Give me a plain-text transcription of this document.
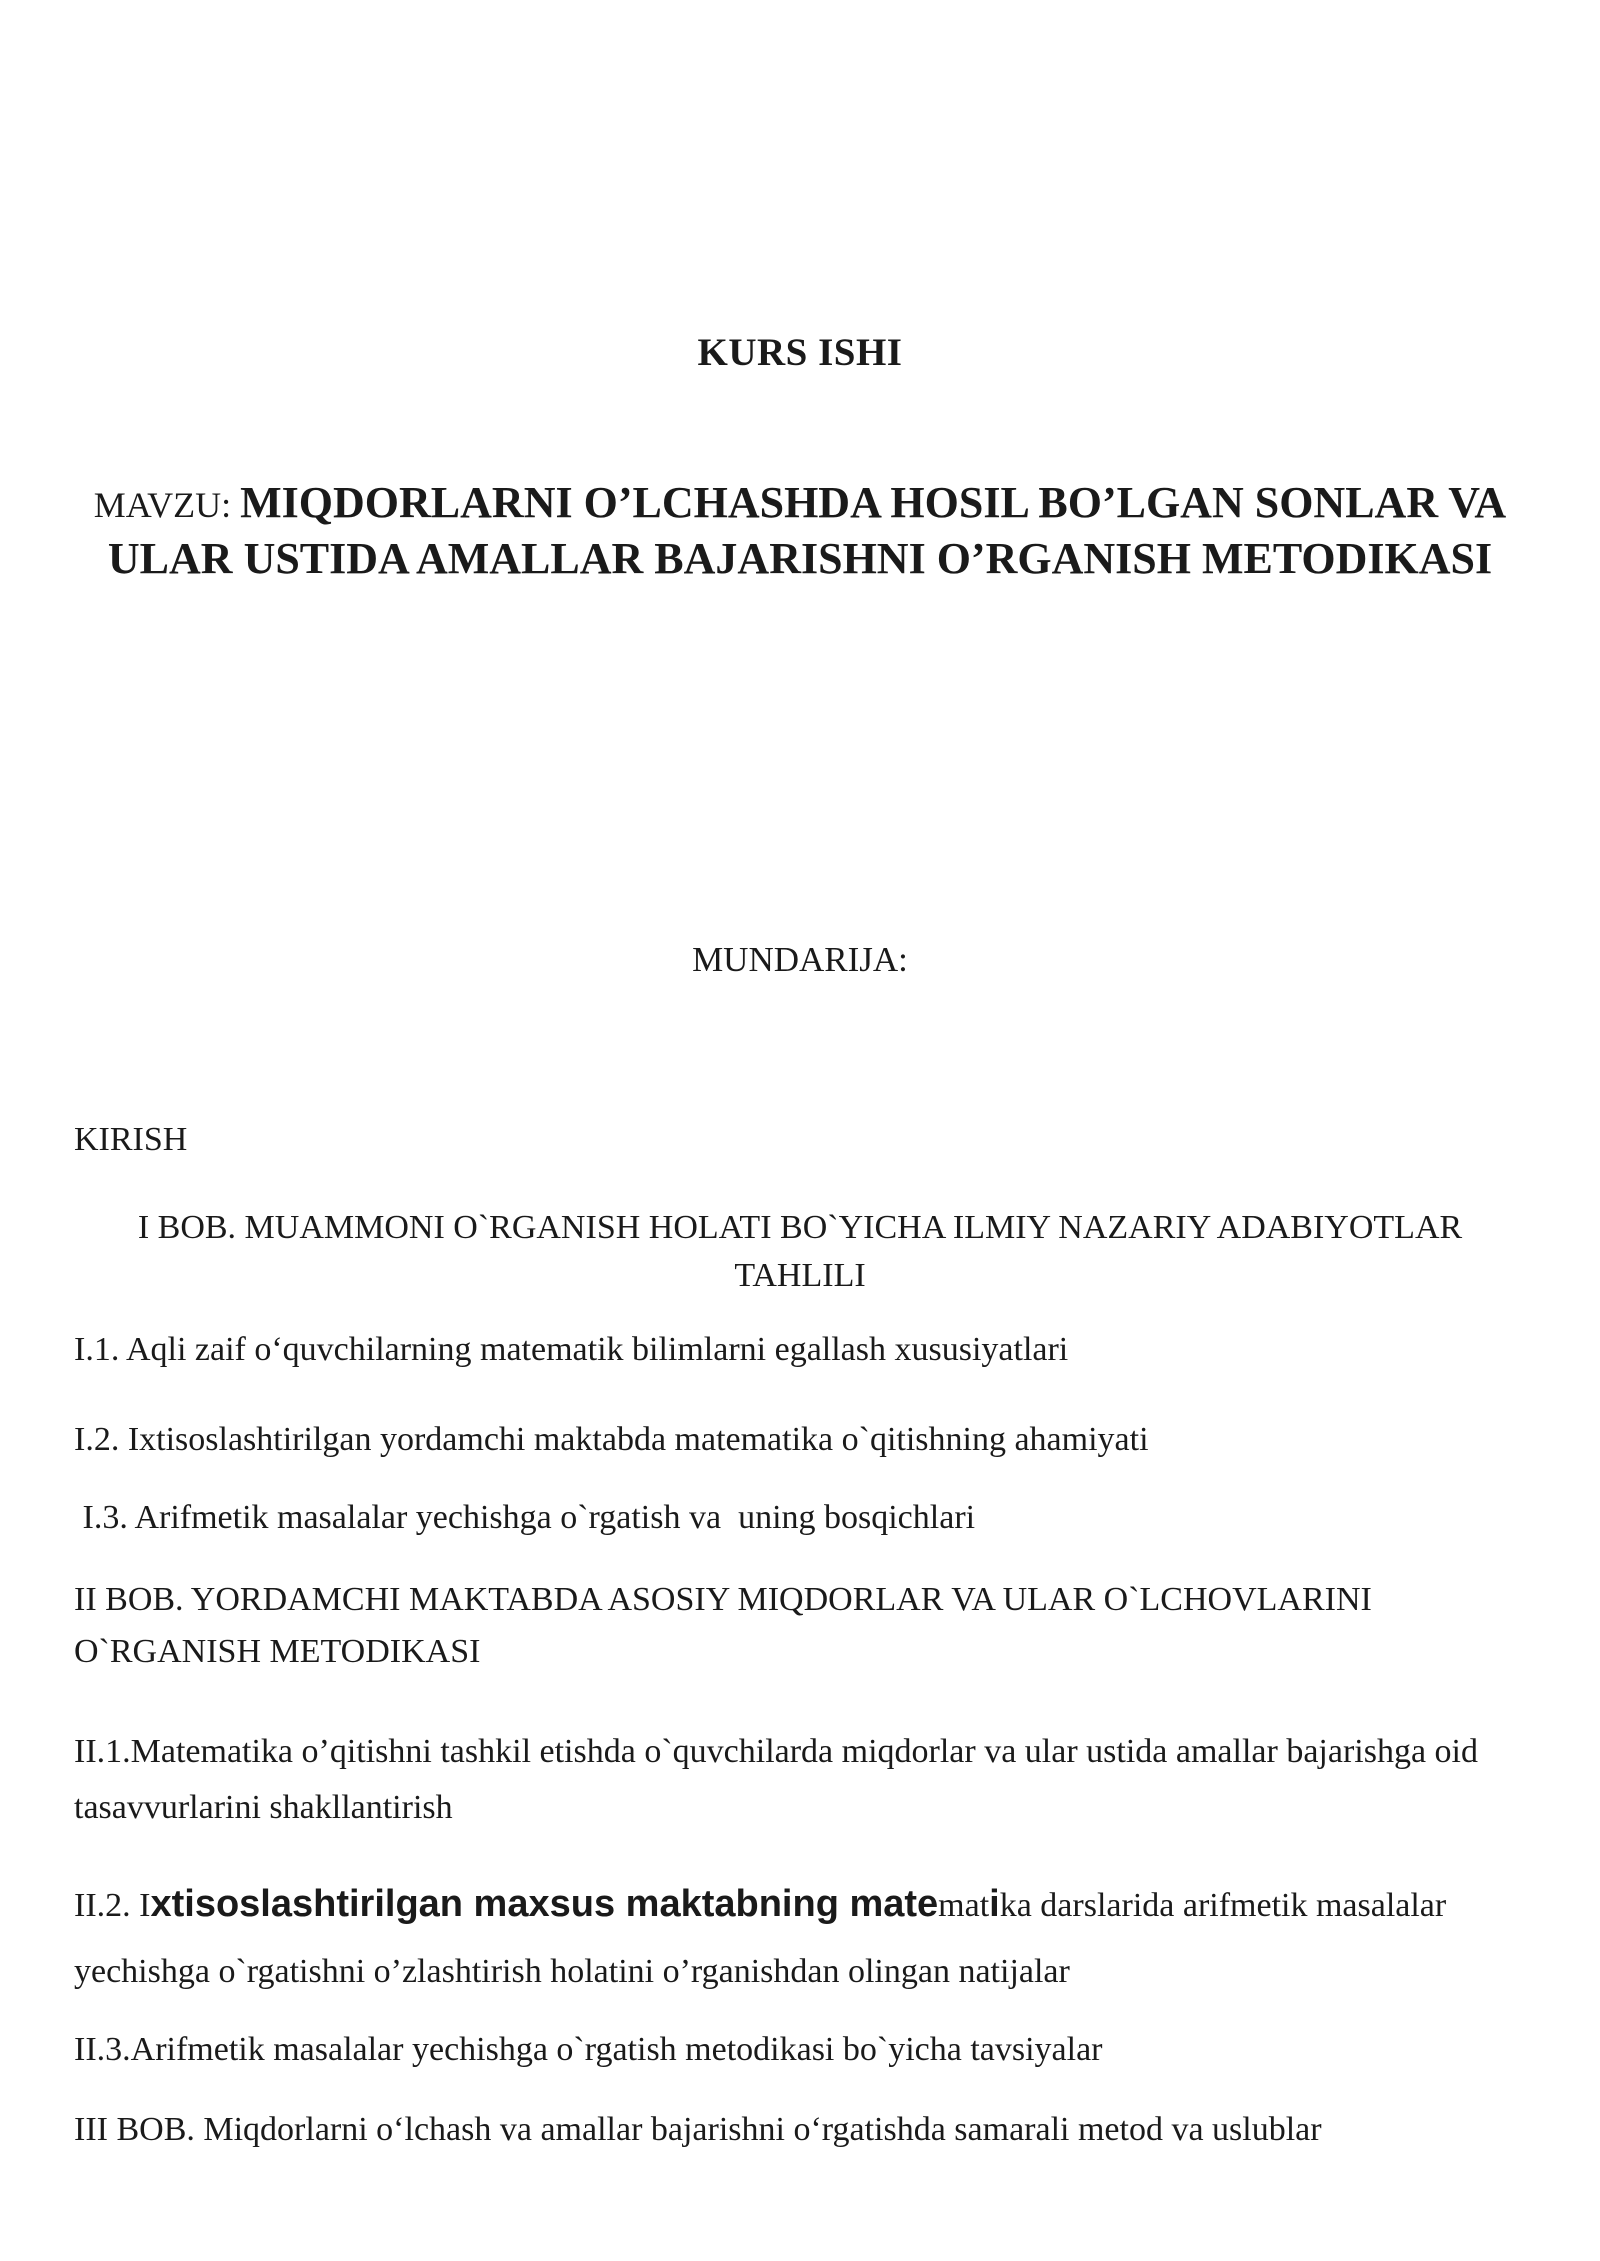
KURS ISHI

MAVZU: MIQDORLARNI O’LCHASHDA HOSIL BO’LGAN SONLAR VA ULAR USTIDA AMALLAR BAJARISHNI O’RGANISH METODIKASI

MUNDARIJA:

KIRISH

I BOB. MUAMMONI O`RGANISH HOLATI BO`YICHA ILMIY NAZARIY ADABIYOTLAR TAHLILI

I.1. Aqli zaif o‘quvchilarning matematik bilimlarni egallash xususiyatlari

I.2. Ixtisoslashtirilgan yordamchi maktabda matematika o`qitishning ahamiyati

I.3. Arifmetik masalalar yechishga o`rgatish va  uning bosqichlari

II BOB. YORDAMCHI MAKTABDA ASOSIY MIQDORLAR VA ULAR O`LCHOVLARINI O`RGANISH METODIKASI

II.1.Matematika o’qitishni tashkil etishda o`quvchilarda miqdorlar va ular ustida amallar bajarishga oid tasavvurlarini shakllantirish

II.2. Ixtisoslashtirilgan maxsus maktabning matematika darslarida arifmetik masalalar yechishga o`rgatishni o’zlashtirish holatini o’rganishdan olingan natijalar

II.3.Arifmetik masalalar yechishga o`rgatish metodikasi bo`yicha tavsiyalar

III BOB. Miqdorlarni o‘lchash va amallar bajarishni o‘rgatishda samarali metod va uslublar
